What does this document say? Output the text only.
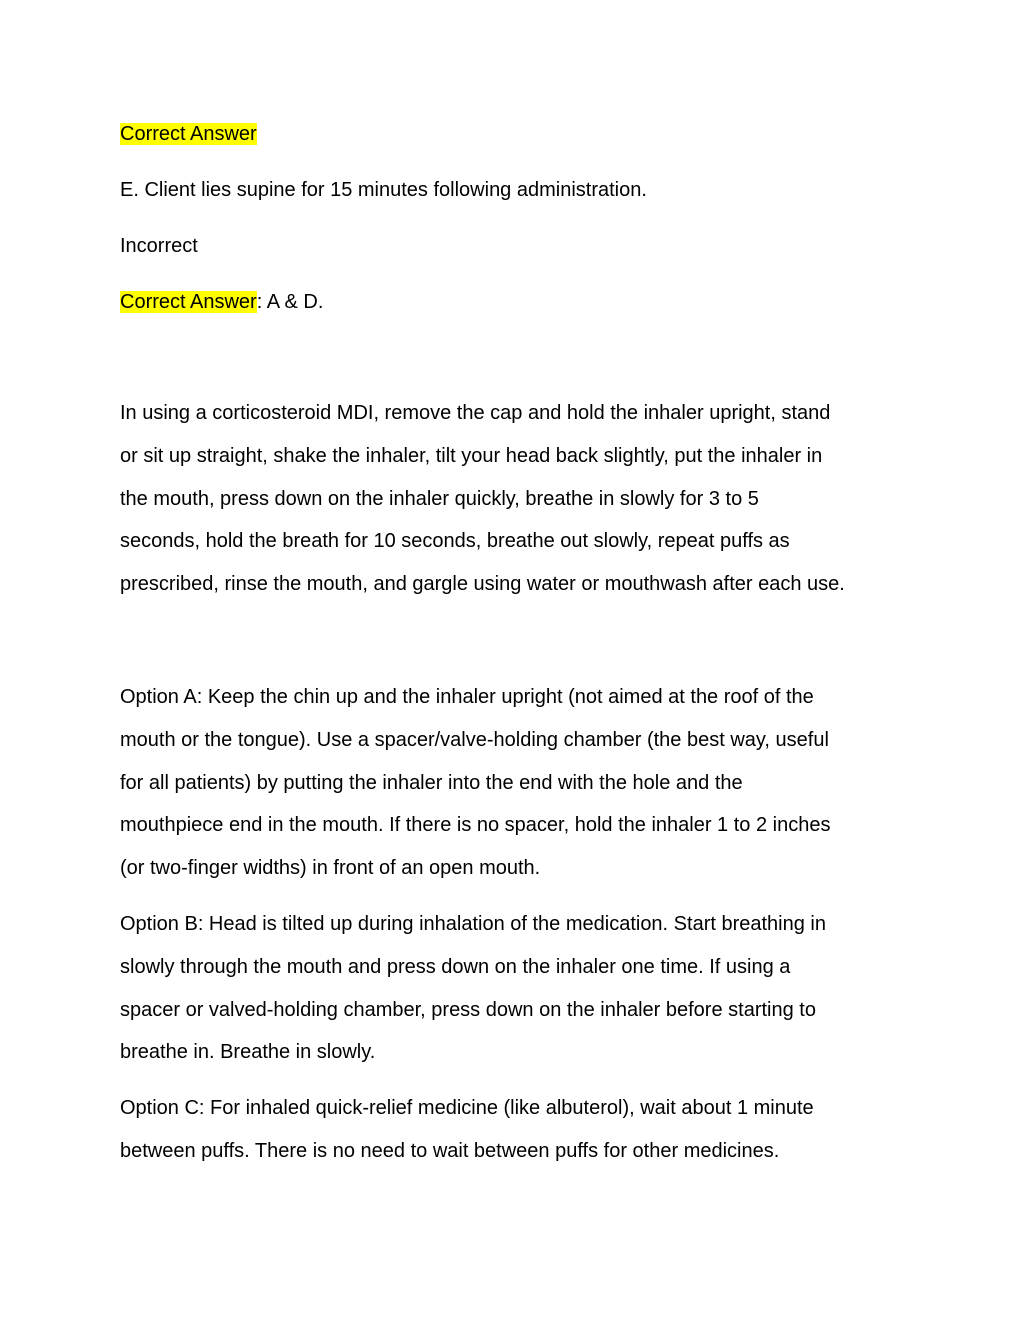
Correct Answer

E. Client lies supine for 15 minutes following administration.

Incorrect

Correct Answer: A & D.

In using a corticosteroid MDI, remove the cap and hold the inhaler upright, stand
or sit up straight, shake the inhaler, tilt your head back slightly, put the inhaler in
the mouth, press down on the inhaler quickly, breathe in slowly for 3 to 5
seconds, hold the breath for 10 seconds, breathe out slowly, repeat puffs as
prescribed, rinse the mouth, and gargle using water or mouthwash after each use.
Option A: Keep the chin up and the inhaler upright (not aimed at the roof of the
mouth or the tongue). Use a spacer/valve-holding chamber (the best way, useful
for all patients) by putting the inhaler into the end with the hole and the
mouthpiece end in the mouth. If there is no spacer, hold the inhaler 1 to 2 inches
(or two-finger widths) in front of an open mouth.
Option B: Head is tilted up during inhalation of the medication. Start breathing in
slowly through the mouth and press down on the inhaler one time. If using a
spacer or valved-holding chamber, press down on the inhaler before starting to
breathe in. Breathe in slowly.
Option C: For inhaled quick-relief medicine (like albuterol), wait about 1 minute
between puffs. There is no need to wait between puffs for other medicines.
